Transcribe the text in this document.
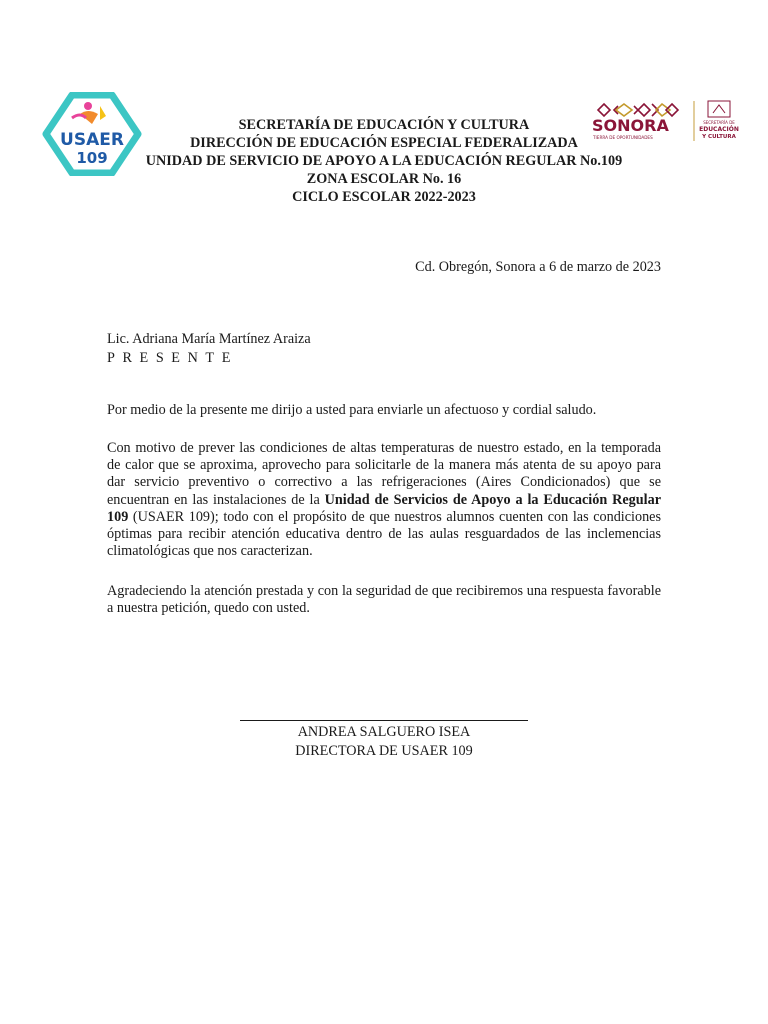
USAER
109
SONORA
TIERRA DE OPORTUNIDADES
SECRETARÍA DE
EDUCACIÓN
Y CULTURA
SECRETARÍA DE EDUCACIÓN Y CULTURA
DIRECCIÓN DE EDUCACIÓN ESPECIAL FEDERALIZADA
UNIDAD DE SERVICIO DE APOYO A LA EDUCACIÓN REGULAR No.109
ZONA ESCOLAR No. 16
CICLO ESCOLAR 2022-2023
Cd. Obregón, Sonora a 6 de marzo de 2023
Lic. Adriana María Martínez Araiza
PRESENTE
Por medio de la presente me dirijo a usted para enviarle un afectuoso y cordial saludo.
Con motivo de prever las condiciones de altas temperaturas de nuestro estado, en la temporada de calor que se aproxima, aprovecho para solicitarle de la manera más atenta de su apoyo para dar servicio preventivo o correctivo a las refrigeraciones (Aires Condicionados) que se encuentran en las instalaciones de la Unidad de Servicios de Apoyo a la Educación Regular 109 (USAER 109); todo con el propósito de que nuestros alumnos cuenten con las condiciones óptimas para recibir atención educativa dentro de las aulas resguardados de las inclemencias climatológicas que nos caracterizan.
Agradeciendo la atención prestada y con la seguridad de que recibiremos una respuesta favorable a nuestra petición, quedo con usted.
ANDREA SALGUERO ISEA
DIRECTORA DE USAER 109
